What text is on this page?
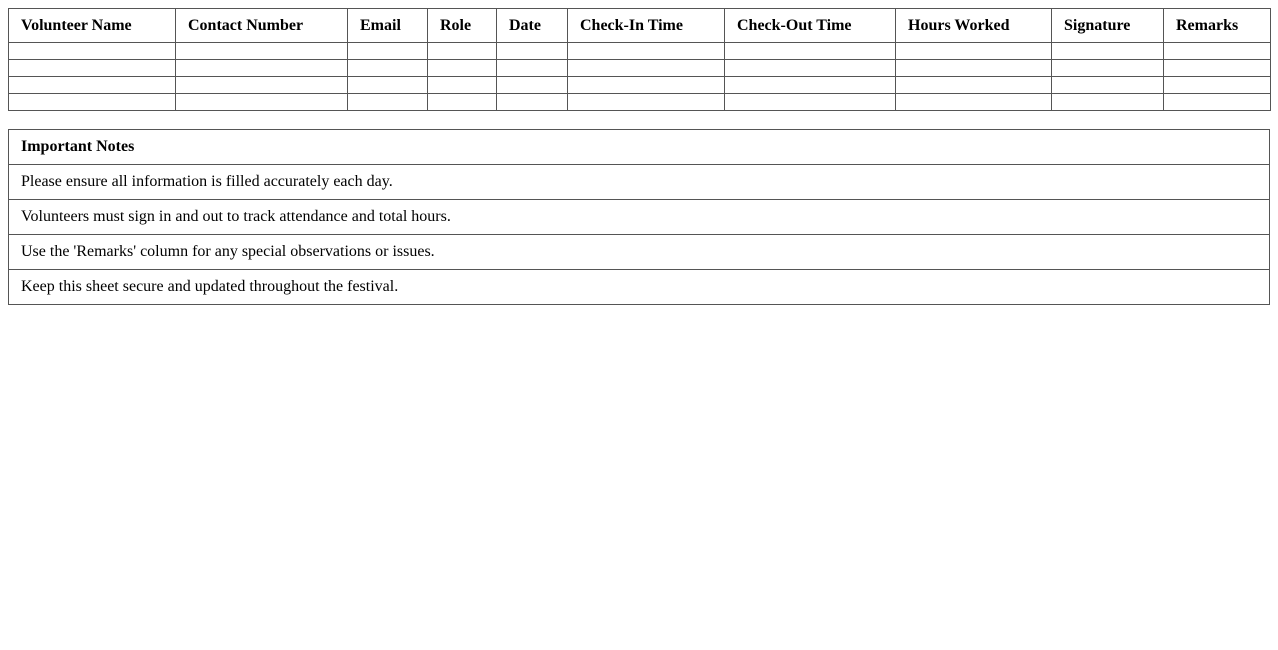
Volunteer Name	Contact Number	Email	Role	Date	Check-In Time	Check-Out Time	Hours Worked	Signature	Remarks

Important Notes
Please ensure all information is filled accurately each day.
Volunteers must sign in and out to track attendance and total hours.
Use the 'Remarks' column for any special observations or issues.
Keep this sheet secure and updated throughout the festival.
